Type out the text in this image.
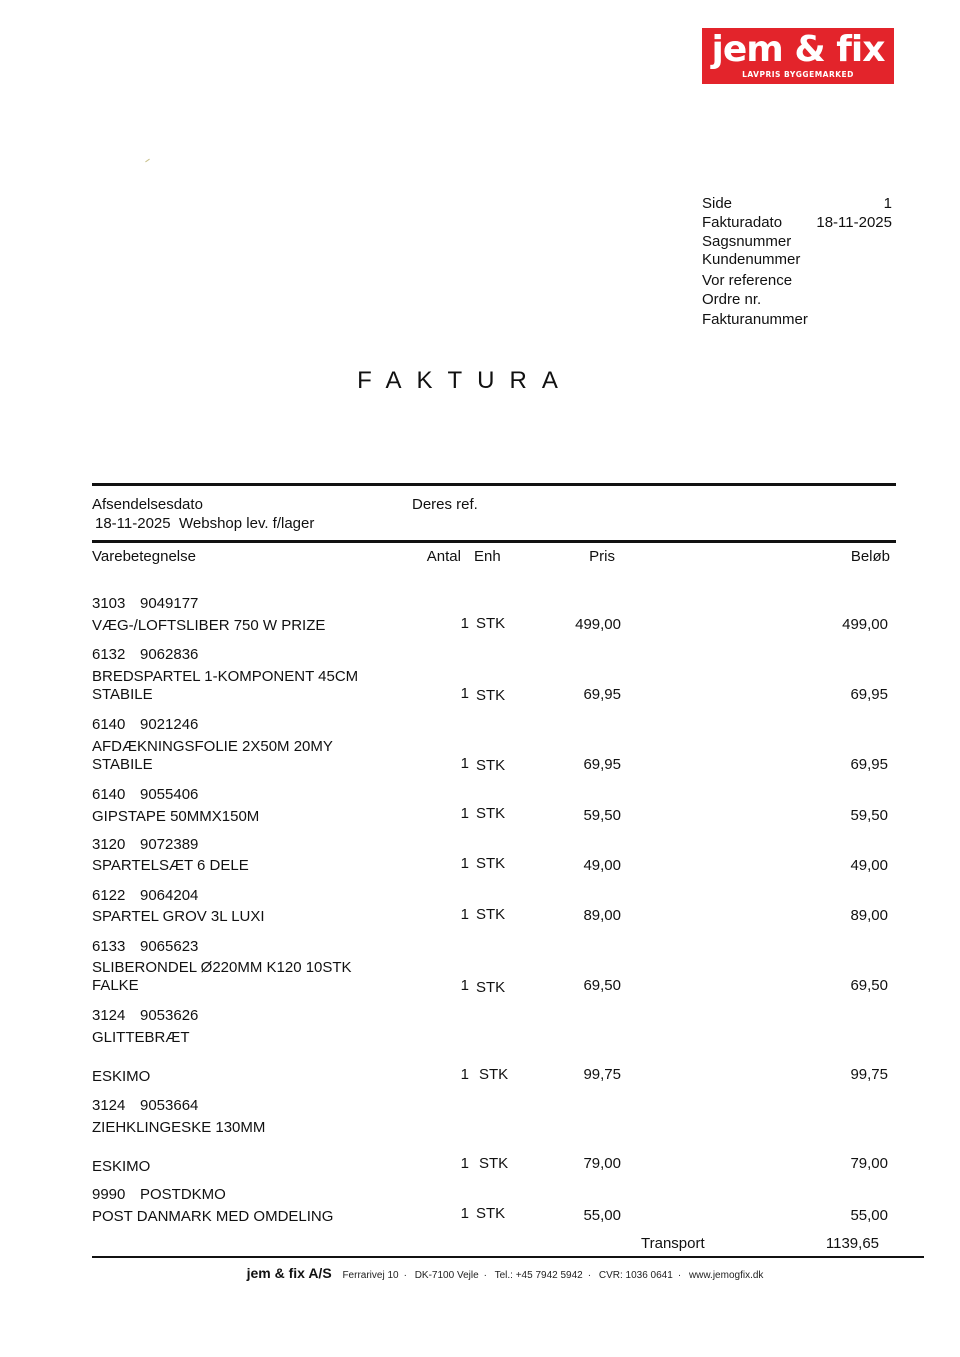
jem & fix
LAVPRIS BYGGEMARKED
Side	1
Fakturadato 18-11-2025
Sagsnummer
Kundenummer
Vor reference
Ordre nr.
Fakturanummer
FAKTURA
Afsendelsesdato	Deres ref.
18-11-2025 Webshop lev. f/lager
Varebetegnelse	Antal Enh	Pris	Beløb
3103 9049177
VÆG-/LOFTSLIBER 750 W PRIZE	1 STK	499,00	499,00
6132 9062836
BREDSPARTEL 1-KOMPONENT 45CM
STABILE	1 STK	69,95	69,95
6140 9021246
AFDÆKNINGSFOLIE 2X50M 20MY
STABILE	1 STK	69,95	69,95
6140 9055406
GIPSTAPE 50MMX150M	1 STK	59,50	59,50
3120 9072389
SPARTELSÆT 6 DELE	1 STK	49,00	49,00
6122 9064204
SPARTEL GROV 3L LUXI	1 STK	89,00	89,00
6133 9065623
SLIBERONDEL Ø220MM K120 10STK
FALKE	1 STK	69,50	69,50
3124 9053626
GLITTEBRÆT
ESKIMO	1 STK	99,75	99,75
3124 9053664
ZIEHKLINGESKE 130MM
ESKIMO	1 STK	79,00	79,00
9990 POSTDKMO
POST DANMARK MED OMDELING	1 STK	55,00	55,00
Transport	1139,65
jem & fix A/S Ferrarivej 10 · DK-7100 Vejle · Tel.: +45 7942 5942 · CVR: 1036 0641 · www.jemogfix.dk
